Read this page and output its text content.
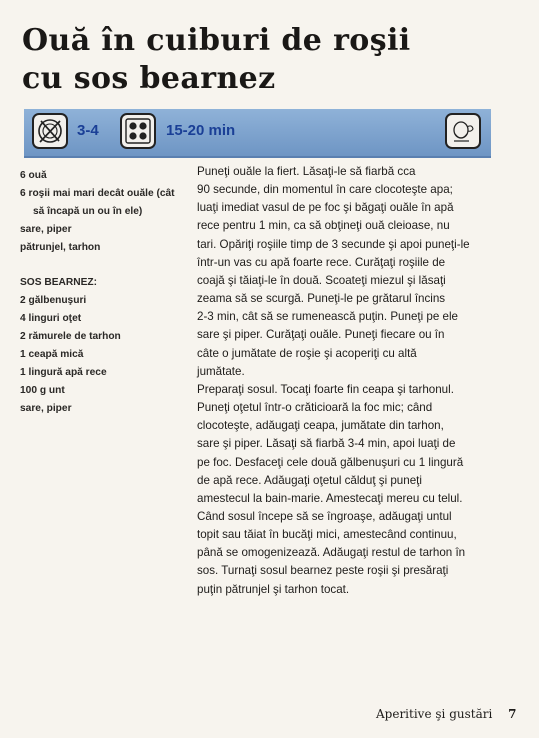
Ouă în cuiburi de roşii
cu sos bearnez
3-4	15-20 min
6 ouă
6 roşii mai mari decât ouăle (cât
să încapă un ou în ele)
sare, piper
pătrunjel, tarhon
SOS BEARNEZ:
2 gălbenuşuri
4 linguri oţet
2 rămurele de tarhon
1 ceapă mică
1 lingură apă rece
100 g unt
sare, piper
Puneţi ouăle la fiert. Lăsaţi-le să fiarbă cca
90 secunde, din momentul în care clocoteşte apa;
luaţi imediat vasul de pe foc şi băgaţi ouăle în apă
rece pentru 1 min, ca să obţineţi ouă cleioase, nu
tari. Opăriţi roşiile timp de 3 secunde şi apoi puneţi-le
într-un vas cu apă foarte rece. Curăţaţi roşiile de
coajă şi tăiaţi-le în două. Scoateţi miezul şi lăsaţi
zeama să se scurgă. Puneţi-le pe grătarul încins
2-3 min, cât să se rumenească puţin. Puneţi pe ele
sare şi piper. Curăţaţi ouăle. Puneţi fiecare ou în
câte o jumătate de roşie şi acoperiţi cu altă
jumătate.
Preparaţi sosul. Tocaţi foarte fin ceapa şi tarhonul.
Puneţi oţetul într-o crăticioară la foc mic; când
clocoteşte, adăugaţi ceapa, jumătate din tarhon,
sare şi piper. Lăsaţi să fiarbă 3-4 min, apoi luaţi de
pe foc. Desfaceţi cele două gălbenuşuri cu 1 lingură
de apă rece. Adăugaţi oţetul călduţ şi puneţi
amestecul la bain-marie. Amestecaţi mereu cu telul.
Când sosul începe să se îngroaşe, adăugaţi untul
topit sau tăiat în bucăţi mici, amestecând continuu,
până se omogenizează. Adăugaţi restul de tarhon în
sos. Turnaţi sosul bearnez peste roşii şi presăraţi
puţin pătrunjel şi tarhon tocat.
Aperitive şi gustări 7
